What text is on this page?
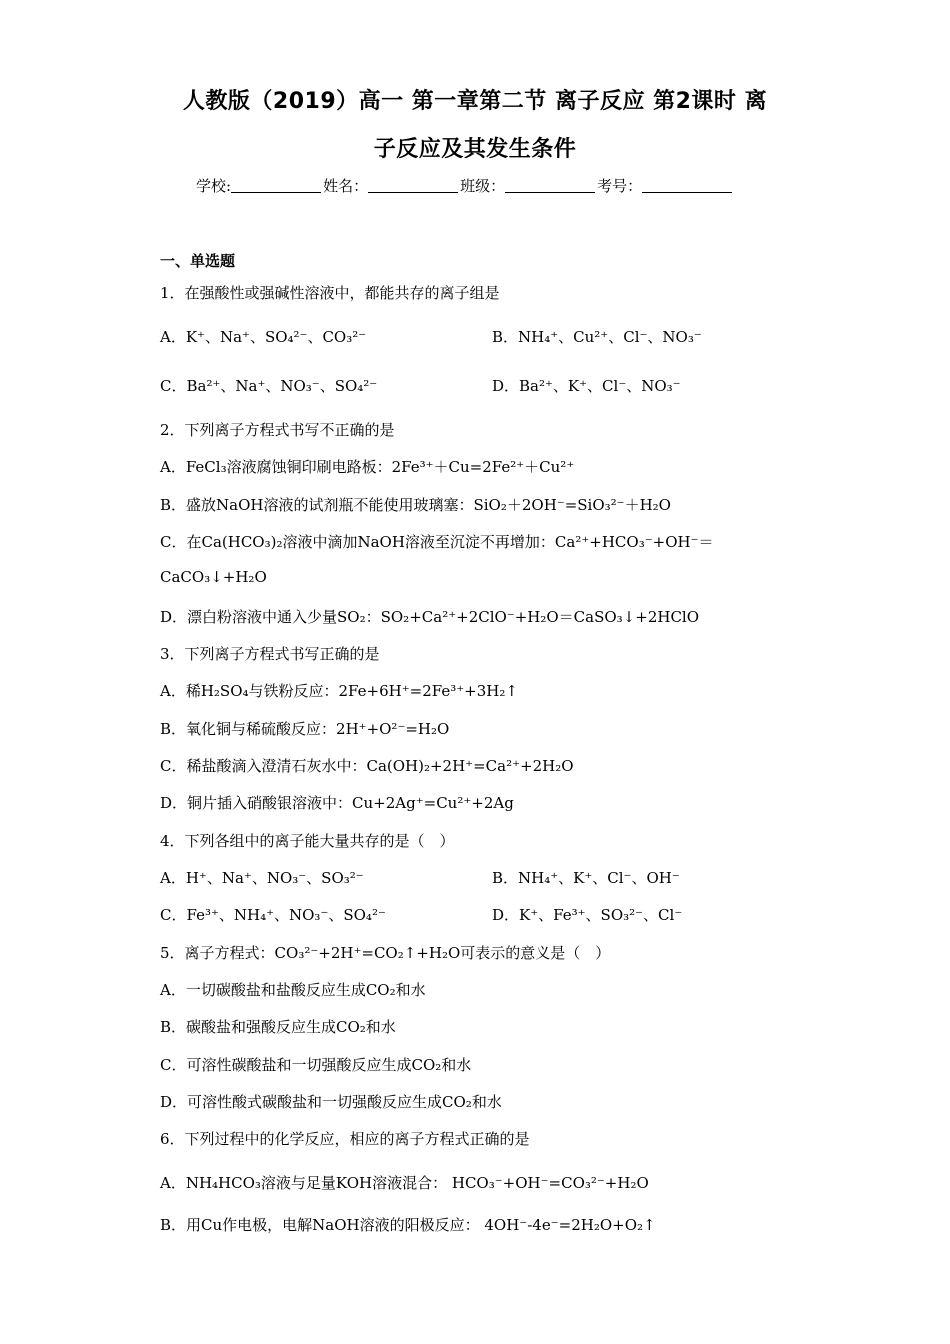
人教版（2019）高一 第一章第二节 离子反应 第2课时 离
子反应及其发生条件
学校:	姓名：	班级：	考号：
一、单选题
1．在强酸性或强碱性溶液中，都能共存的离子组是
A．K⁺、Na⁺、SO₄²⁻、CO₃²⁻	B．NH₄⁺、Cu²⁺、Cl⁻、NO₃⁻
C．Ba²⁺、Na⁺、NO₃⁻、SO₄²⁻	D．Ba²⁺、K⁺、Cl⁻、NO₃⁻
2．下列离子方程式书写不正确的是
A．FeCl₃溶液腐蚀铜印刷电路板：2Fe³⁺＋Cu=2Fe²⁺＋Cu²⁺
B．盛放NaOH溶液的试剂瓶不能使用玻璃塞：SiO₂＋2OH⁻=SiO₃²⁻＋H₂O
C．在Ca(HCO₃)₂溶液中滴加NaOH溶液至沉淀不再增加：Ca²⁺+HCO₃⁻+OH⁻＝
CaCO₃↓+H₂O
D．漂白粉溶液中通入少量SO₂：SO₂+Ca²⁺+2ClO⁻+H₂O＝CaSO₃↓+2HClO
3．下列离子方程式书写正确的是
A．稀H₂SO₄与铁粉反应：2Fe+6H⁺=2Fe³⁺+3H₂↑
B．氧化铜与稀硫酸反应：2H⁺+O²⁻=H₂O
C．稀盐酸滴入澄清石灰水中：Ca(OH)₂+2H⁺=Ca²⁺+2H₂O
D．铜片插入硝酸银溶液中：Cu+2Ag⁺=Cu²⁺+2Ag
4．下列各组中的离子能大量共存的是（　）
A．H⁺、Na⁺、NO₃⁻、SO₃²⁻	B．NH₄⁺、K⁺、Cl⁻、OH⁻
C．Fe³⁺、NH₄⁺、NO₃⁻、SO₄²⁻	D．K⁺、Fe³⁺、SO₃²⁻、Cl⁻
5．离子方程式：CO₃²⁻+2H⁺=CO₂↑+H₂O可表示的意义是（　）
A．一切碳酸盐和盐酸反应生成CO₂和水
B．碳酸盐和强酸反应生成CO₂和水
C．可溶性碳酸盐和一切强酸反应生成CO₂和水
D．可溶性酸式碳酸盐和一切强酸反应生成CO₂和水
6．下列过程中的化学反应，相应的离子方程式正确的是
A．NH₄HCO₃溶液与足量KOH溶液混合： HCO₃⁻+OH⁻=CO₃²⁻+H₂O
B．用Cu作电极，电解NaOH溶液的阳极反应： 4OH⁻-4e⁻=2H₂O+O₂↑
